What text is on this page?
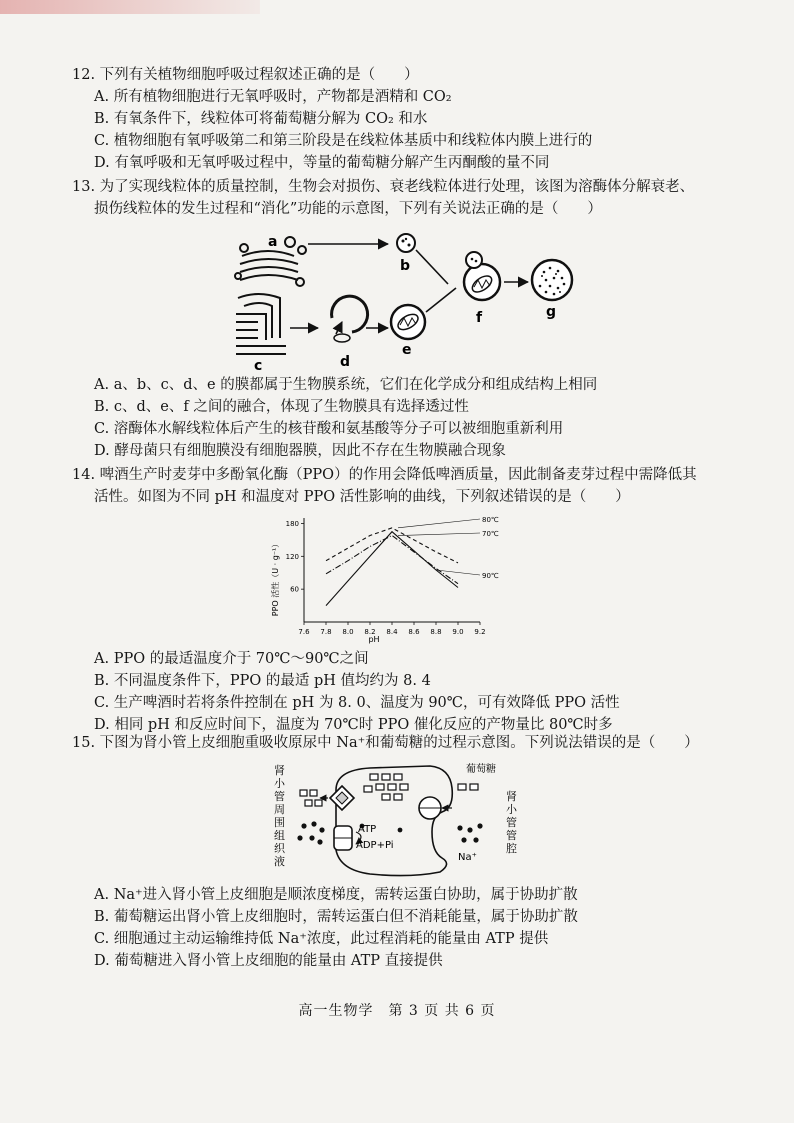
12. 下列有关植物细胞呼吸过程叙述正确的是（　　）
A. 所有植物细胞进行无氧呼吸时，产物都是酒精和 CO₂
B. 有氧条件下，线粒体可将葡萄糖分解为 CO₂ 和水
C. 植物细胞有氧呼吸第二和第三阶段是在线粒体基质中和线粒体内膜上进行的
D. 有氧呼吸和无氧呼吸过程中，等量的葡萄糖分解产生丙酮酸的量不同
13. 为了实现线粒体的质量控制，生物会对损伤、衰老线粒体进行处理，该图为溶酶体分解衰老、
损伤线粒体的发生过程和“消化”功能的示意图，下列有关说法正确的是（　　）
a
b
c	d
e
f	g
A. a、b、c、d、e 的膜都属于生物膜系统，它们在化学成分和组成结构上相同
B. c、d、e、f 之间的融合，体现了生物膜具有选择透过性
C. 溶酶体水解线粒体后产生的核苷酸和氨基酸等分子可以被细胞重新利用
D. 酵母菌只有细胞膜没有细胞器膜，因此不存在生物膜融合现象
14. 啤酒生产时麦芽中多酚氧化酶（PPO）的作用会降低啤酒质量，因此制备麦芽过程中需降低其
活性。如图为不同 pH 和温度对 PPO 活性影响的曲线，下列叙述错误的是（　　）
7.6 7.8 8.0 8.2 8.4 8.6 8.8 9.0 9.2
60
120
180	80℃
70℃
90℃
PPO 活性（U · g⁻¹）
pH
A. PPO 的最适温度介于 70℃～90℃之间
B. 不同温度条件下，PPO 的最适 pH 值均约为 8. 4
C. 生产啤酒时若将条件控制在 pH 为 8. 0、温度为 90℃，可有效降低 PPO 活性
D. 相同 pH 和反应时间下，温度为 70℃时 PPO 催化反应的产物量比 80℃时多
15. 下图为肾小管上皮细胞重吸收原尿中 Na⁺和葡萄糖的过程示意图。下列说法错误的是（　　）
肾小管周围组织液
肾小管管腔
ATP
ADP+Pi
葡萄糖
Na⁺
A. Na⁺进入肾小管上皮细胞是顺浓度梯度，需转运蛋白协助，属于协助扩散
B. 葡萄糖运出肾小管上皮细胞时，需转运蛋白但不消耗能量，属于协助扩散
C. 细胞通过主动运输维持低 Na⁺浓度，此过程消耗的能量由 ATP 提供
D. 葡萄糖进入肾小管上皮细胞的能量由 ATP 直接提供
高一生物学　第 3 页 共 6 页
